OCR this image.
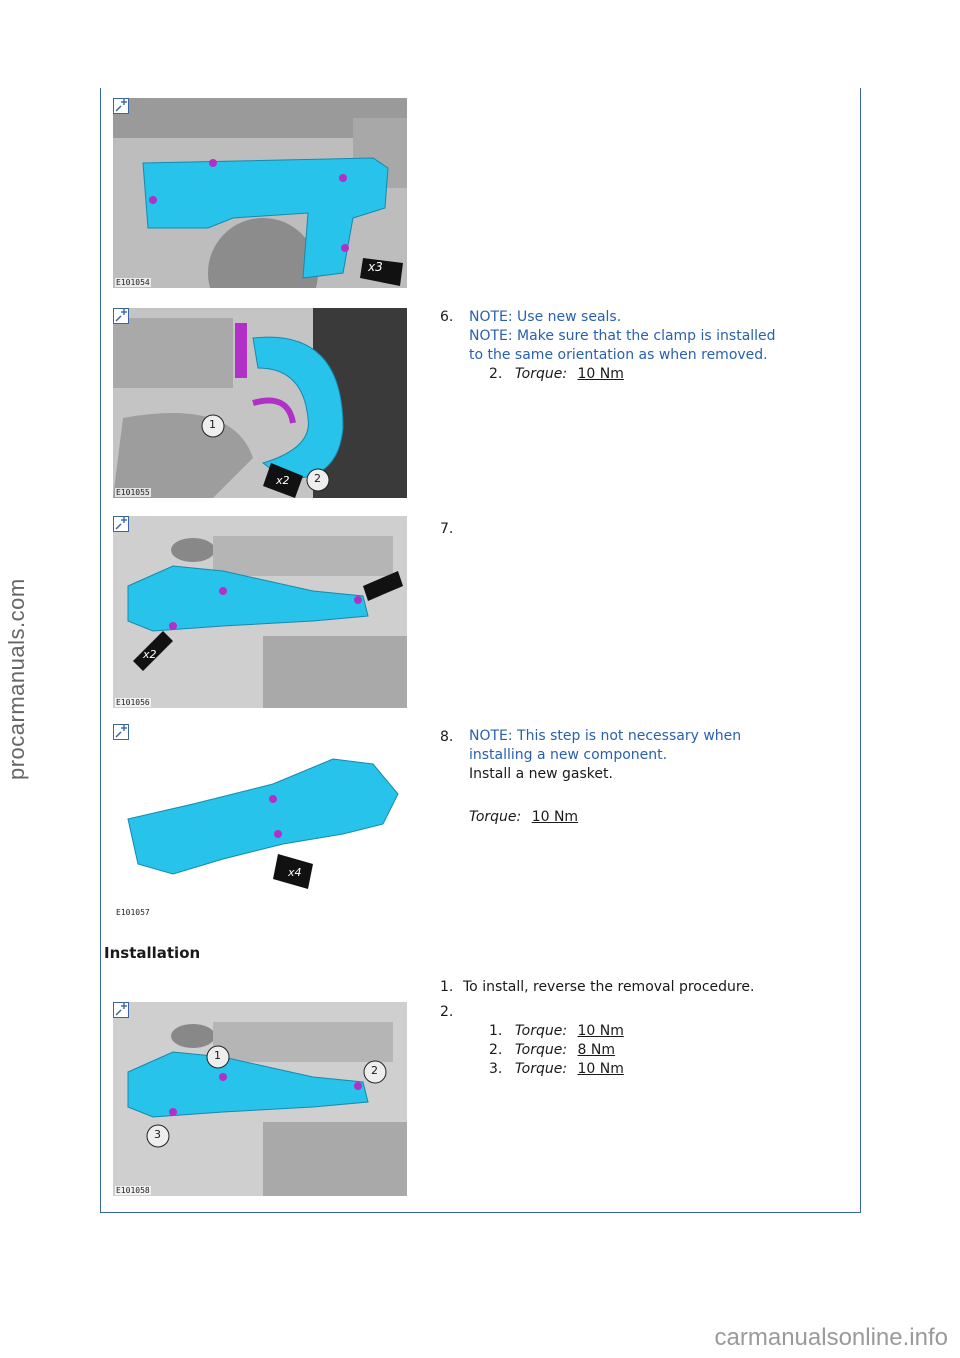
procarmanuals.com
carmanualsonline.info
x3
E101054
1
x2 2
E101055
x2
E101056
x4
E101057
1
2
3
E101058
6. NOTE: Use new seals.
NOTE: Make sure that the clamp is installed
to the same orientation as when removed.
2. Torque: 10 Nm
7.
8. NOTE: This step is not necessary when
installing a new component.
Install a new gasket.
Torque: 10 Nm
Installation
1. To install, reverse the removal procedure.
2.
1. Torque: 10 Nm
2. Torque: 8 Nm
3. Torque: 10 Nm
